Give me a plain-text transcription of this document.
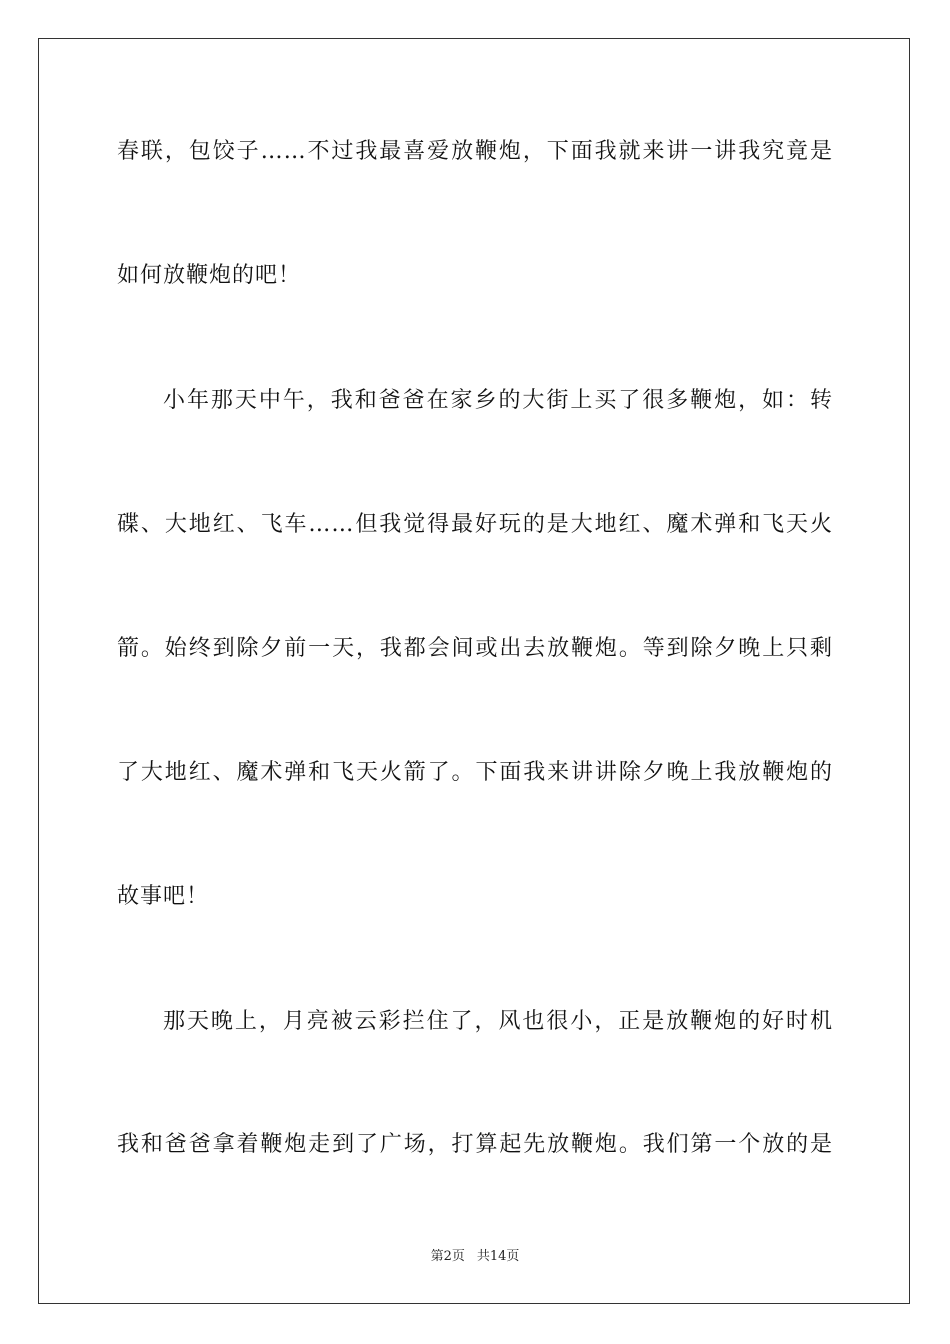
春联，包饺子……不过我最喜爱放鞭炮，下面我就来讲一讲我究竟是
如何放鞭炮的吧！
小年那天中午，我和爸爸在家乡的大街上买了很多鞭炮，如：转
碟、大地红、飞车……但我觉得最好玩的是大地红、魔术弹和飞天火
箭。始终到除夕前一天，我都会间或出去放鞭炮。等到除夕晚上只剩
了大地红、魔术弹和飞天火箭了。下面我来讲讲除夕晚上我放鞭炮的
故事吧！
那天晚上，月亮被云彩拦住了，风也很小，正是放鞭炮的好时机
我和爸爸拿着鞭炮走到了广场，打算起先放鞭炮。我们第一个放的是
第2页 共14页
